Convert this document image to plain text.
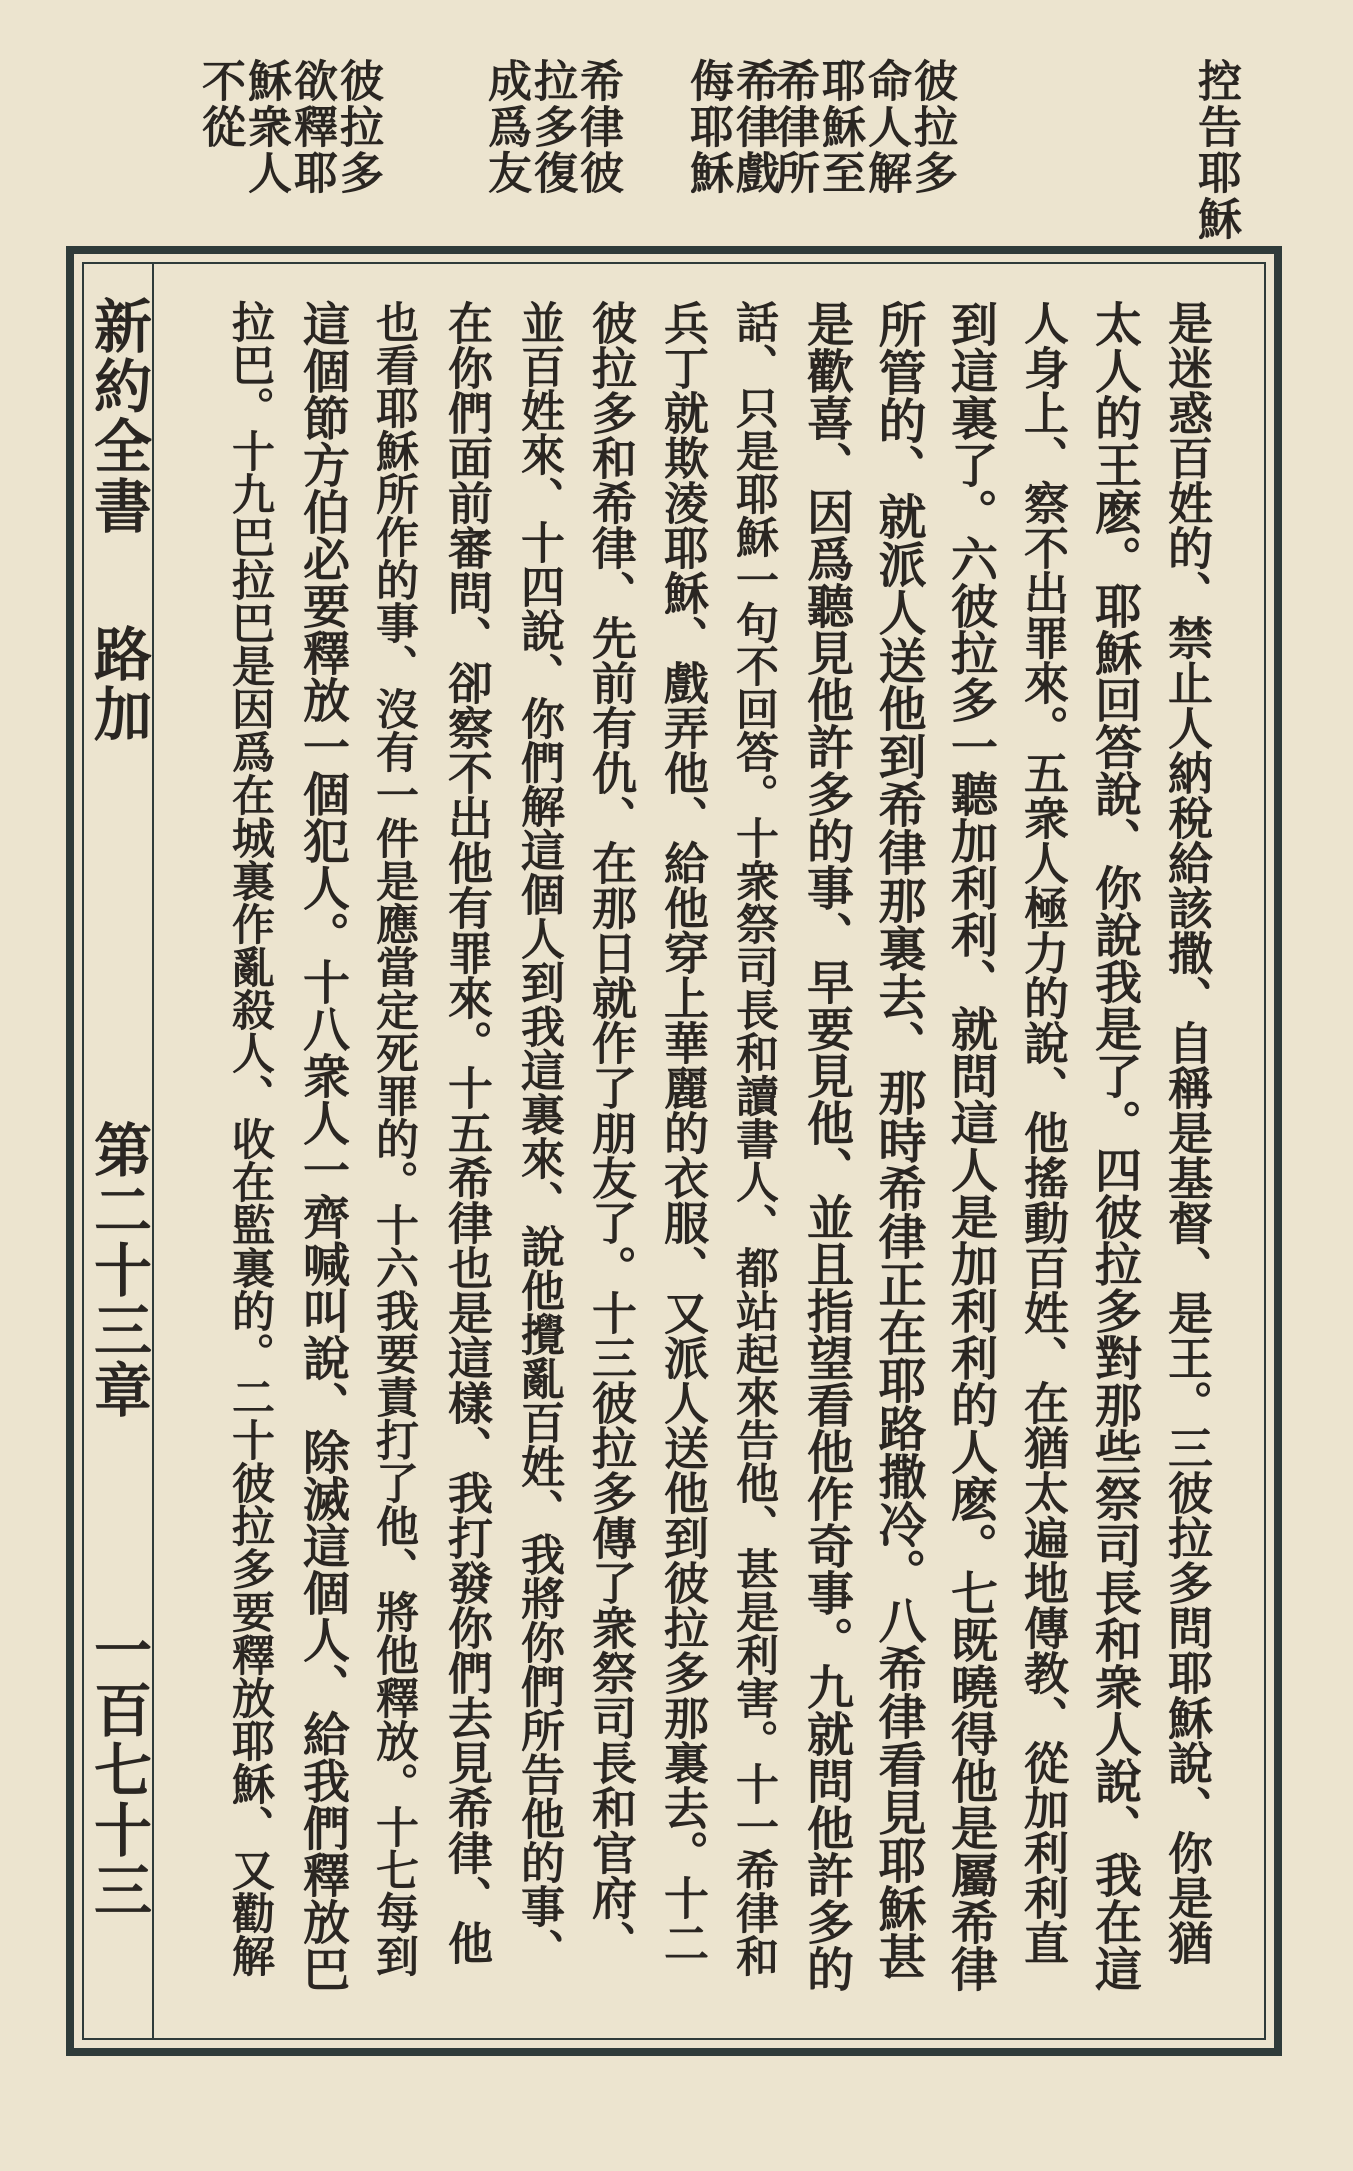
控告耶穌
彼拉多命人解耶穌至希律所
希律戲侮耶穌
希律彼拉多復成爲友
彼拉多欲釋耶穌衆人不從
是迷惑百姓的、禁止人納稅給該撒、自稱是基督、是王。三彼拉多問耶穌說、你是猶
太人的王麽。耶穌回答說、你說我是了。四彼拉多對那些祭司長和衆人說、我在這
人身上、察不出罪來。五衆人極力的說、他搖動百姓、在猶太遍地傳教、從加利利直
到這裏了。六彼拉多一聽加利利、就問這人是加利利的人麽。七既曉得他是屬希律
所管的、就派人送他到希律那裏去、那時希律正在耶路撒冷。八希律看見耶穌甚
是歡喜、因爲聽見他許多的事、早要見他、並且指望看他作奇事。九就問他許多的
話、只是耶穌一句不回答。十衆祭司長和讀書人、都站起來告他、甚是利害。十一希律和
兵丁就欺淩耶穌、戲弄他、給他穿上華麗的衣服、又派人送他到彼拉多那裏去。十二
彼拉多和希律、先前有仇、在那日就作了朋友了。十三彼拉多傳了衆祭司長和官府、
並百姓來、十四說、你們解這個人到我這裏來、說他攪亂百姓、我將你們所告他的事、
在你們面前審問、卻察不出他有罪來。十五希律也是這樣、我打發你們去見希律、他
也看耶穌所作的事、沒有一件是應當定死罪的。十六我要責打了他、將他釋放。十七每到
這個節方伯必要釋放一個犯人。十八衆人一齊喊叫說、除滅這個人、給我們釋放巴
拉巴。十九巴拉巴是因爲在城裏作亂殺人、收在監裏的。二十彼拉多要釋放耶穌、又勸解
新約全書
路加
第二十三章
一百七十三
